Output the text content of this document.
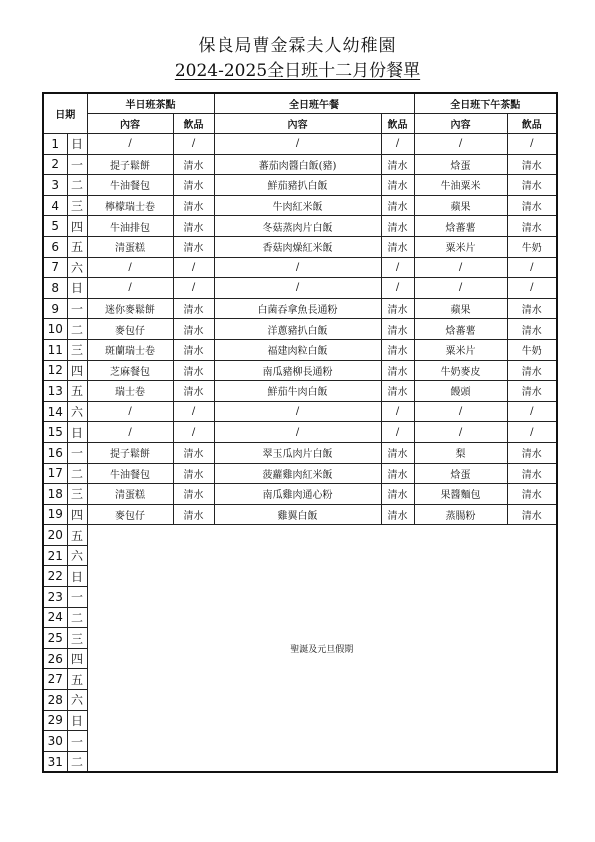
保良局曹金霖夫人幼稚園
2024-2025全日班十二月份餐單
日期		半日班茶點		全日班午餐		全日班下午茶點	
		內容	飲品	內容	飲品	內容	飲品
1	日	/	/	/	/	/	/
2	一	提子鬆餅	清水	蕃茄肉醬白飯(豬)	清水	焓蛋	清水
3	二	牛油餐包	清水	鮮茄豬扒白飯	清水	牛油粟米	清水
4	三	檸檬瑞士卷	清水	牛肉紅米飯	清水	蘋果	清水
5	四	牛油排包	清水	冬菇蒸肉片白飯	清水	焓蕃薯	清水
6	五	清蛋糕	清水	香菇肉燥紅米飯	清水	粟米片	牛奶
7	六	/	/	/	/	/	/
8	日	/	/	/	/	/	/
9	一	迷你麥鬆餅	清水	白菌吞拿魚長通粉	清水	蘋果	清水
10	二	麥包仔	清水	洋蔥豬扒白飯	清水	焓蕃薯	清水
11	三	斑蘭瑞士卷	清水	福建肉粒白飯	清水	粟米片	牛奶
12	四	芝麻餐包	清水	南瓜豬柳長通粉	清水	牛奶麥皮	清水
13	五	瑞士卷	清水	鮮茄牛肉白飯	清水	饅頭	清水
14	六	/	/	/	/	/	/
15	日	/	/	/	/	/	/
16	一	提子鬆餅	清水	翠玉瓜肉片白飯	清水	梨	清水
17	二	牛油餐包	清水	菠蘿雞肉紅米飯	清水	焓蛋	清水
18	三	清蛋糕	清水	南瓜雞肉通心粉	清水	果醬麵包	清水
19	四	麥包仔	清水	雞翼白飯	清水	蒸腸粉	清水
20	五	聖誕及元旦假期					
21	六						
22	日						
23	一						
24	二						
25	三						
26	四						
27	五						
28	六						
29	日						
30	一						
31	二						
